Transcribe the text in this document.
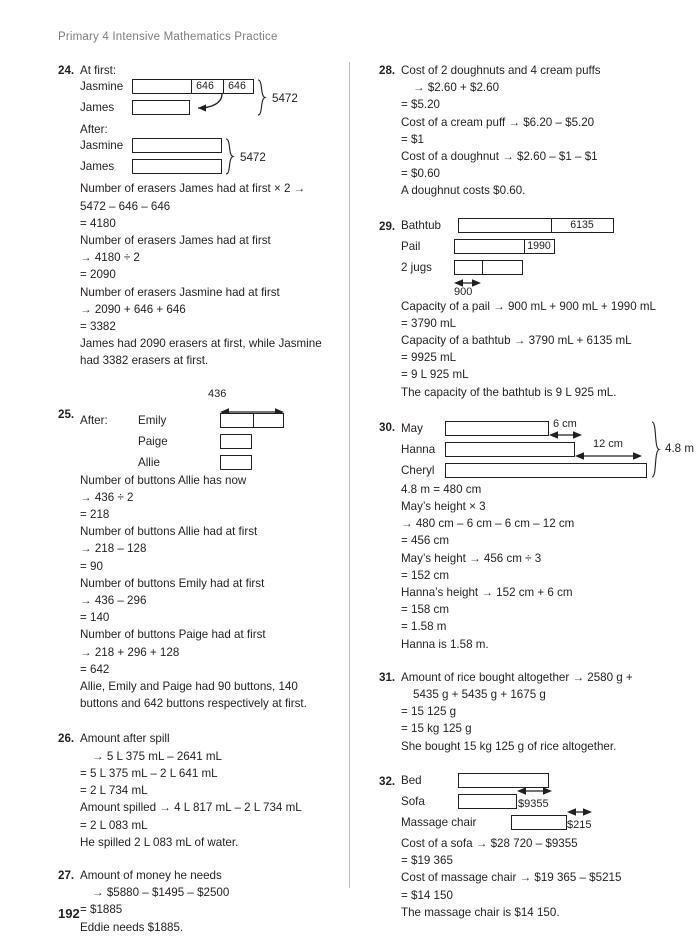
Primary 4 Intensive Mathematics Practice
24. At first:
Jasmine
James
646	646
5472
After:
Jasmine
James
5472
Number of erasers James had at first × 2 →
5472 – 646 – 646
= 4180
Number of erasers James had at first
→ 4180 ÷ 2
= 2090
Number of erasers Jasmine had at first
→ 2090 + 646 + 646
= 3382
James had 2090 erasers at first, while Jasmine
had 3382 erasers at first.
436
25. After:	Emily
Paige
Allie
Number of buttons Allie has now
→ 436 ÷ 2
= 218
Number of buttons Allie had at first
→ 218 – 128
= 90
Number of buttons Emily had at first
→ 436 – 296
= 140
Number of buttons Paige had at first
→ 218 + 296 + 128
= 642
Allie, Emily and Paige had 90 buttons, 140
buttons and 642 buttons respectively at first.
26. Amount after spill
→ 5 L 375 mL – 2641 mL
= 5 L 375 mL – 2 L 641 mL
= 2 L 734 mL
Amount spilled → 4 L 817 mL – 2 L 734 mL
= 2 L 083 mL
He spilled 2 L 083 mL of water.
27. Amount of money he needs
→ $5880 – $1495 – $2500
= $1885
Eddie needs $1885.
28. Cost of 2 doughnuts and 4 cream puffs
→ $2.60 + $2.60
= $5.20
Cost of a cream puff → $6.20 – $5.20
= $1
Cost of a doughnut → $2.60 – $1 – $1
= $0.60
A doughnut costs $0.60.
29. Bathtub
Pail
2 jugs
6135
1990
900
Capacity of a pail → 900 mL + 900 mL + 1990 mL
= 3790 mL
Capacity of a bathtub → 3790 mL + 6135 mL
= 9925 mL
= 9 L 925 mL
The capacity of the bathtub is 9 L 925 mL.
30. May
Hanna
Cheryl
6 cm
12 cm	4.8 m
4.8 m = 480 cm
May’s height × 3
→ 480 cm – 6 cm – 6 cm – 12 cm
= 456 cm
May’s height → 456 cm ÷ 3
= 152 cm
Hanna’s height → 152 cm + 6 cm
= 158 cm
= 1.58 m
Hanna is 1.58 m.
31. Amount of rice bought altogether → 2580 g +
5435 g + 5435 g + 1675 g
= 15 125 g
= 15 kg 125 g
She bought 15 kg 125 g of rice altogether.
32. Bed
Sofa
Massage chair
$9355
$215
Cost of a sofa → $28 720 – $9355
= $19 365
Cost of massage chair → $19 365 – $5215
= $14 150
The massage chair is $14 150.
192
